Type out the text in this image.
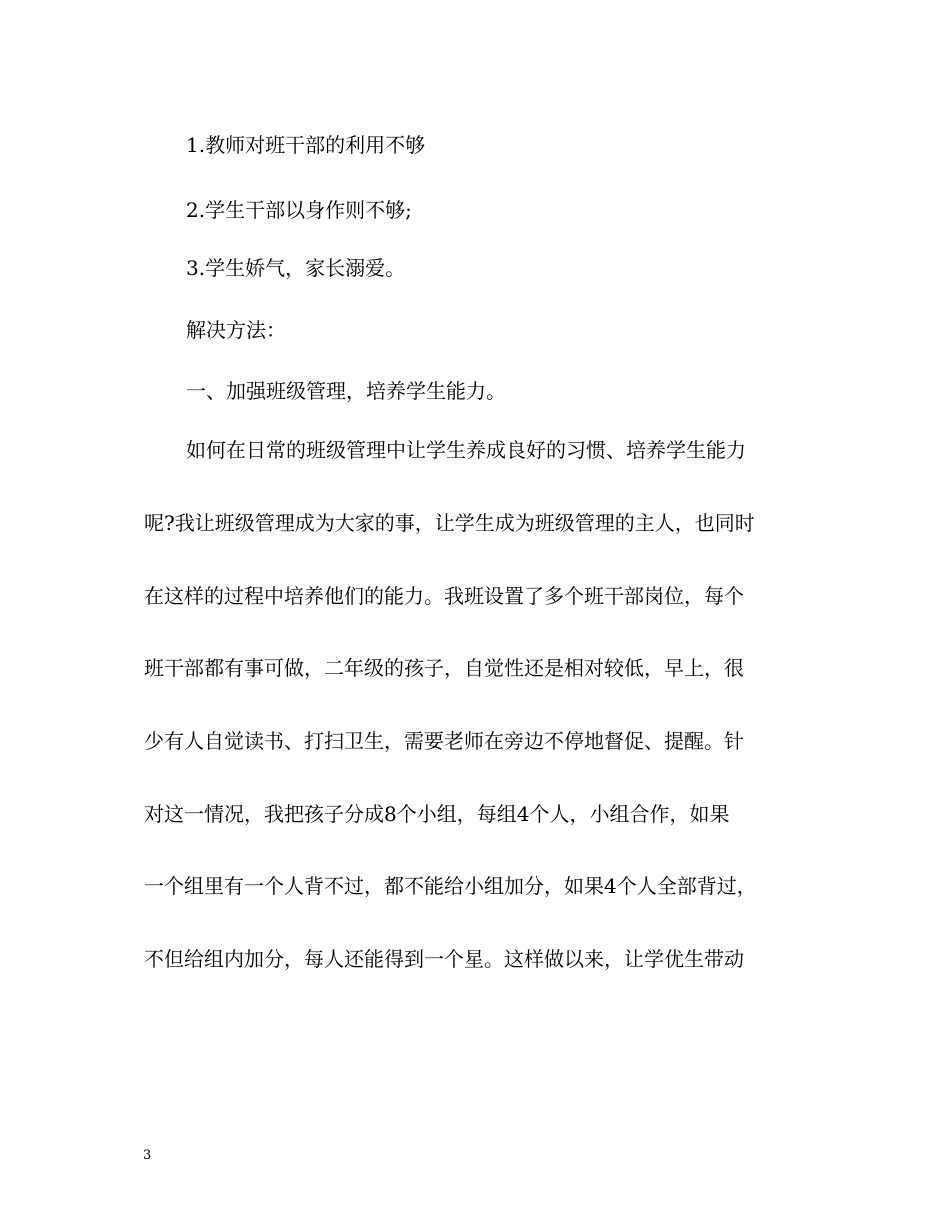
1.教师对班干部的利用不够
2.学生干部以身作则不够;
3.学生娇气，家长溺爱。
解决方法：
一、加强班级管理，培养学生能力。
如何在日常的班级管理中让学生养成良好的习惯、培养学生能力
呢?我让班级管理成为大家的事，让学生成为班级管理的主人，也同时
在这样的过程中培养他们的能力。我班设置了多个班干部岗位，每个
班干部都有事可做，二年级的孩子，自觉性还是相对较低，早上，很
少有人自觉读书、打扫卫生，需要老师在旁边不停地督促、提醒。针
对这一情况，我把孩子分成8个小组，每组4个人，小组合作，如果
一个组里有一个人背不过，都不能给小组加分，如果4个人全部背过，
不但给组内加分，每人还能得到一个星。这样做以来，让学优生带动
3
